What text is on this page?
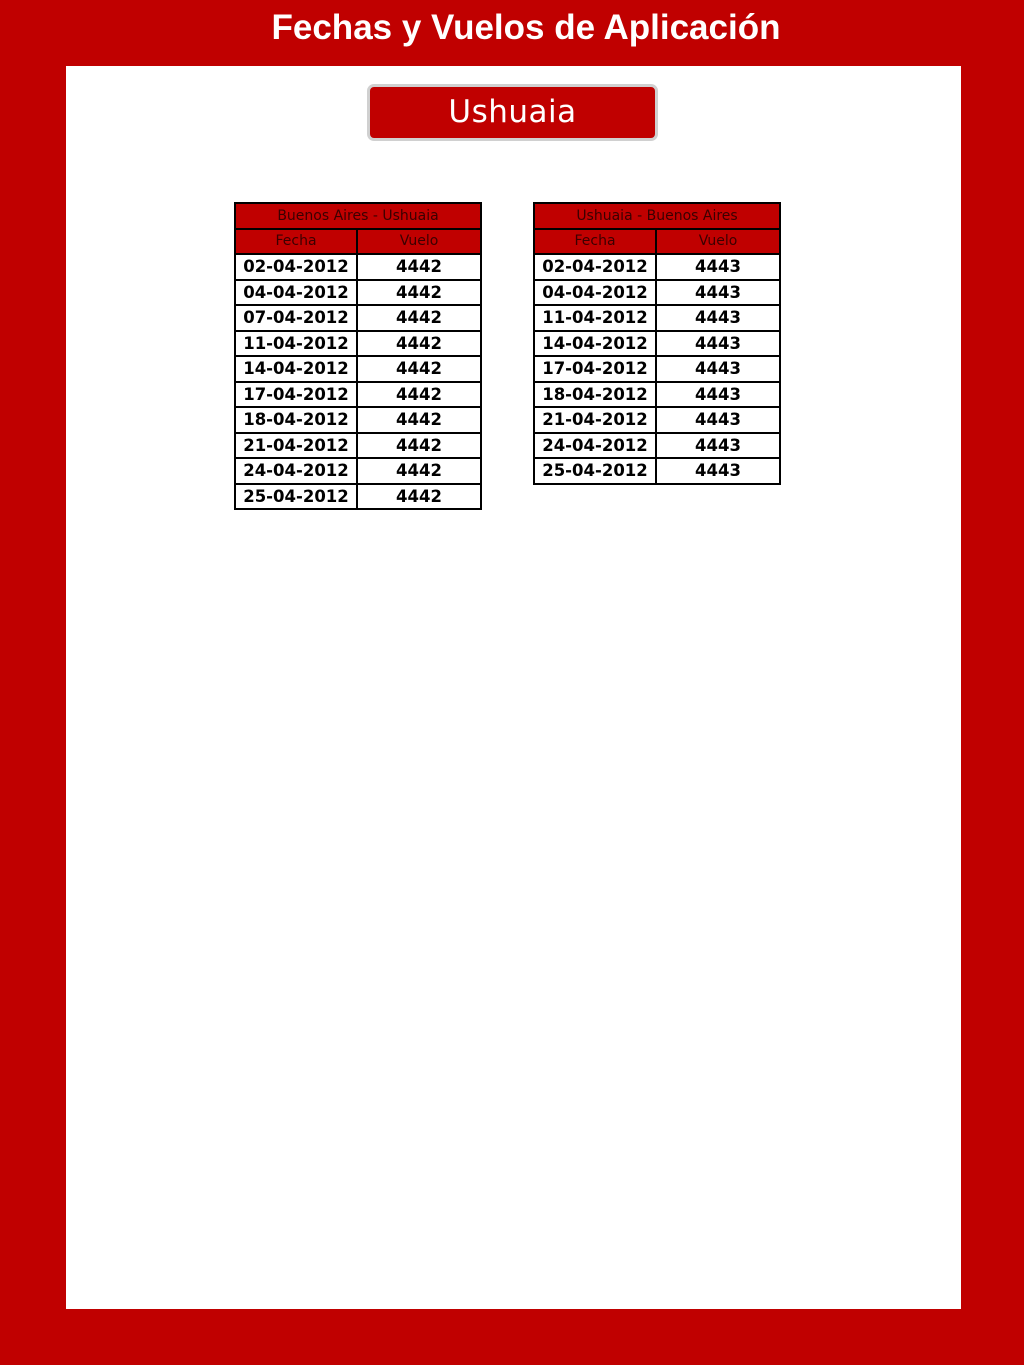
Fechas y Vuelos de Aplicación
Ushuaia
Buenos Aires - Ushuaia	
Fecha	Vuelo
02-04-2012	4442
04-04-2012	4442
07-04-2012	4442
11-04-2012	4442
14-04-2012	4442
17-04-2012	4442
18-04-2012	4442
21-04-2012	4442
24-04-2012	4442
25-04-2012	4442
Ushuaia - Buenos Aires	
Fecha	Vuelo
02-04-2012	4443
04-04-2012	4443
11-04-2012	4443
14-04-2012	4443
17-04-2012	4443
18-04-2012	4443
21-04-2012	4443
24-04-2012	4443
25-04-2012	4443
